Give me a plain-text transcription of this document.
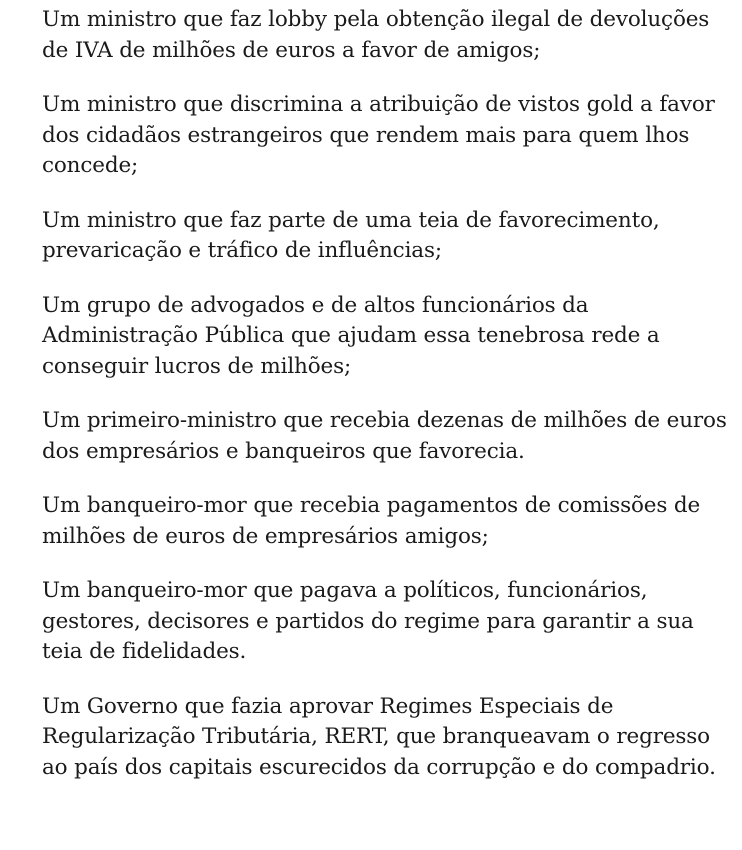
Um ministro que faz lobby pela obtenção ilegal de devoluções de IVA de milhões de euros a favor de amigos;

Um ministro que discrimina a atribuição de vistos gold a favor dos cidadãos estrangeiros que rendem mais para quem lhos concede;

Um ministro que faz parte de uma teia de favorecimento, prevaricação e tráfico de influências;

Um grupo de advogados e de altos funcionários da Administração Pública que ajudam essa tenebrosa rede a conseguir lucros de milhões;

Um primeiro-ministro que recebia dezenas de milhões de euros dos empresários e banqueiros que favorecia.

Um banqueiro-mor que recebia pagamentos de comissões de milhões de euros de empresários amigos;

Um banqueiro-mor que pagava a políticos, funcionários, gestores, decisores e partidos do regime para garantir a sua teia de fidelidades.

Um Governo que fazia aprovar Regimes Especiais de Regularização Tributária, RERT, que branqueavam o regresso ao país dos capitais escurecidos da corrupção e do compadrio.
